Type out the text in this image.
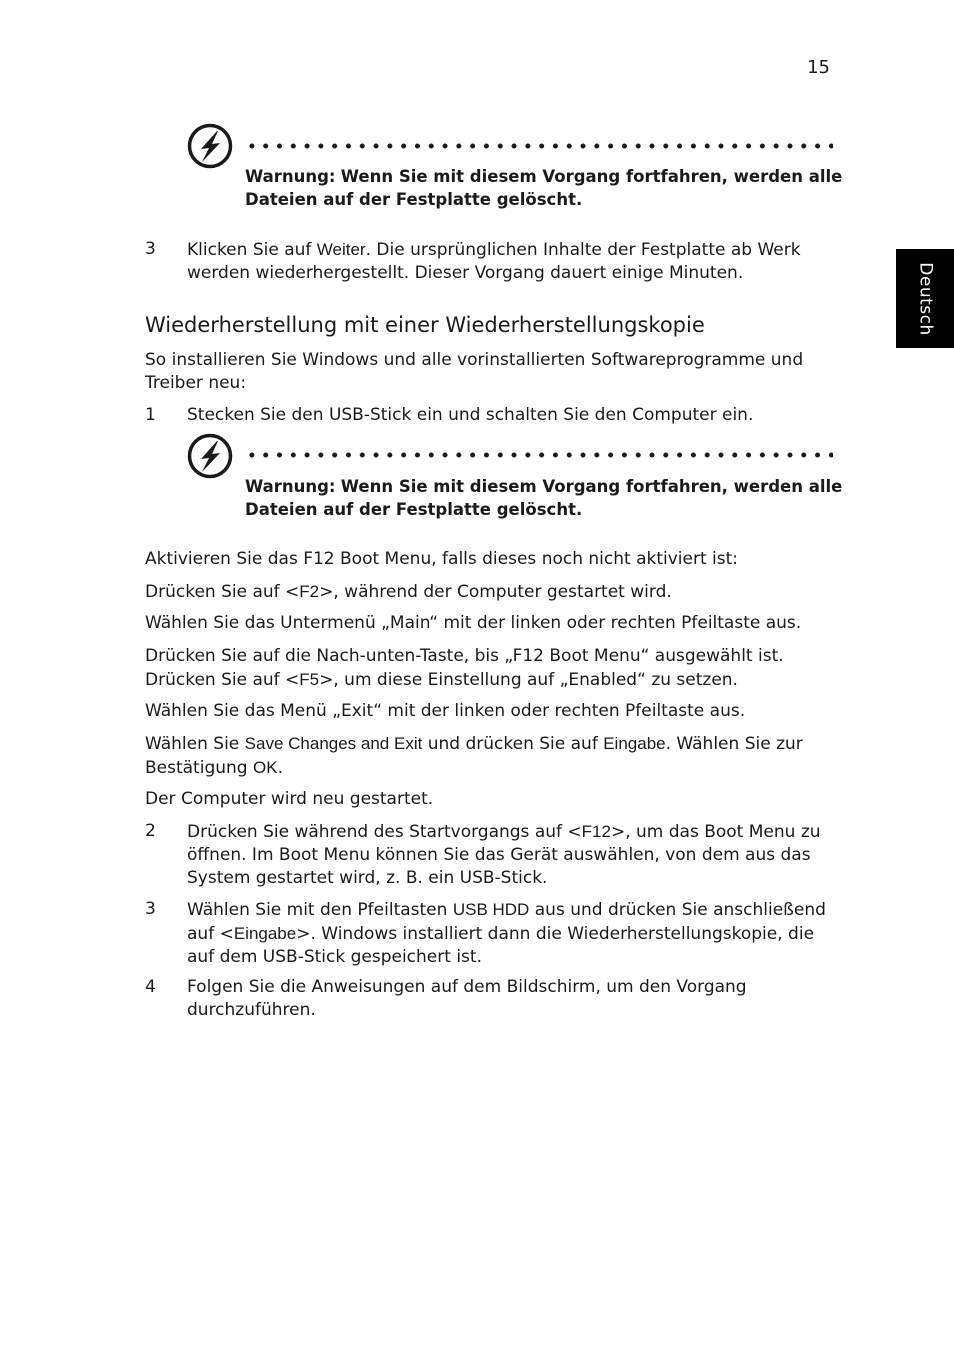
15
Deutsch
Warnung: Wenn Sie mit diesem Vorgang fortfahren, werden alle
Dateien auf der Festplatte gelöscht.
3	Klicken Sie auf Weiter. Die ursprünglichen Inhalte der Festplatte ab Werk
werden wiederhergestellt. Dieser Vorgang dauert einige Minuten.
Wiederherstellung mit einer Wiederherstellungskopie
So installieren Sie Windows und alle vorinstallierten Softwareprogramme und
Treiber neu:
1	Stecken Sie den USB-Stick ein und schalten Sie den Computer ein.
Warnung: Wenn Sie mit diesem Vorgang fortfahren, werden alle
Dateien auf der Festplatte gelöscht.
Aktivieren Sie das F12 Boot Menu, falls dieses noch nicht aktiviert ist:
Drücken Sie auf <F2>, während der Computer gestartet wird.
Wählen Sie das Untermenü „Main“ mit der linken oder rechten Pfeiltaste aus.
Drücken Sie auf die Nach-unten-Taste, bis „F12 Boot Menu“ ausgewählt ist.
Drücken Sie auf <F5>, um diese Einstellung auf „Enabled“ zu setzen.
Wählen Sie das Menü „Exit“ mit der linken oder rechten Pfeiltaste aus.
Wählen Sie Save Changes and Exit und drücken Sie auf Eingabe. Wählen Sie zur
Bestätigung OK.
Der Computer wird neu gestartet.
2	Drücken Sie während des Startvorgangs auf <F12>, um das Boot Menu zu
öffnen. Im Boot Menu können Sie das Gerät auswählen, von dem aus das
System gestartet wird, z. B. ein USB-Stick.
3	Wählen Sie mit den Pfeiltasten USB HDD aus und drücken Sie anschließend
auf <Eingabe>. Windows installiert dann die Wiederherstellungskopie, die
auf dem USB-Stick gespeichert ist.
4	Folgen Sie die Anweisungen auf dem Bildschirm, um den Vorgang
durchzuführen.
